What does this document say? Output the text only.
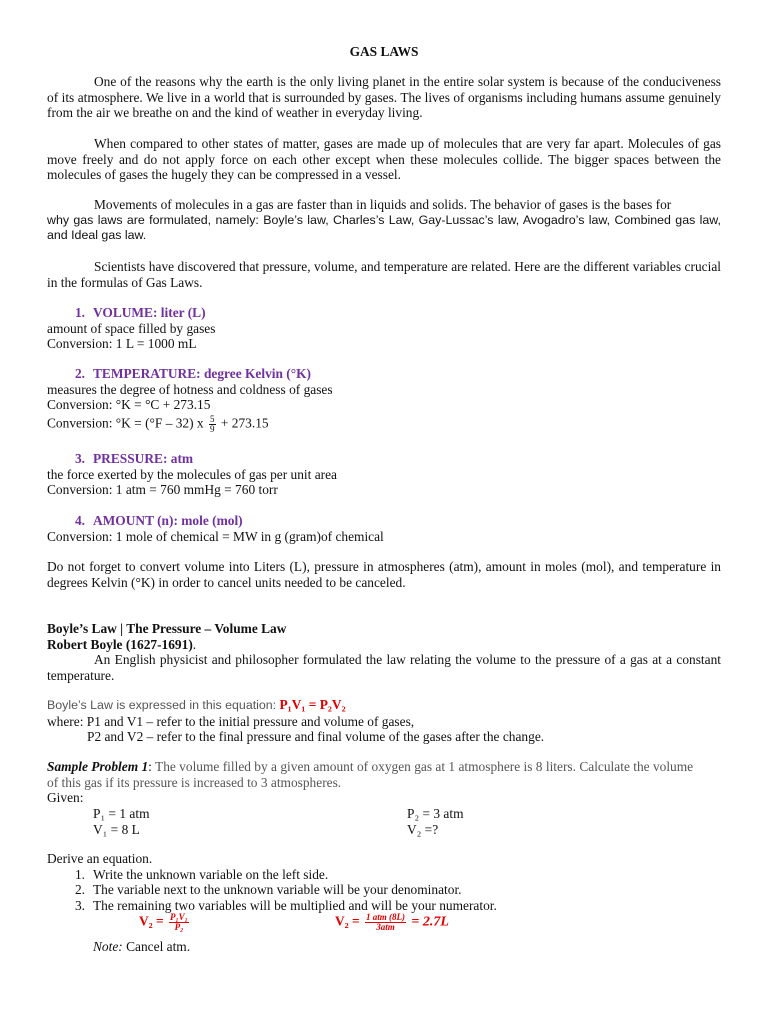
GAS LAWS

One of the reasons why the earth is the only living planet in the entire solar system is because of the conduciveness of its atmosphere. We live in a world that is surrounded by gases. The lives of organisms including humans assume genuinely from the air we breathe on and the kind of weather in everyday living.

When compared to other states of matter, gases are made up of molecules that are very far apart. Molecules of gas move freely and do not apply force on each other except when these molecules collide. The bigger spaces between the molecules of gases the hugely they can be compressed in a vessel.

Movements of molecules in a gas are faster than in liquids and solids. The behavior of gases is the bases for

why gas laws are formulated, namely: Boyle’s law, Charles’s Law, Gay-Lussac’s law, Avogadro’s law, Combined gas law, and Ideal gas law.

Scientists have discovered that pressure, volume, and temperature are related. Here are the different variables crucial in the formulas of Gas Laws.

1. VOLUME: liter (L)
amount of space filled by gases
Conversion: 1 L = 1000 mL
2. TEMPERATURE: degree Kelvin (°K)
measures the degree of hotness and coldness of gases
Conversion: °K = °C + 273.15
Conversion: °K = (°F – 32) x $\frac{5}{9} + 273.15$
3. PRESSURE: atm
the force exerted by the molecules of gas per unit area
Conversion: 1 atm = 760 mmHg = 760 torr
4. AMOUNT (n): mole (mol)
Conversion: 1 mole of chemical = MW in g (gram)of chemical

Do not forget to convert volume into Liters (L), pressure in atmospheres (atm), amount in moles (mol), and temperature in degrees Kelvin (°K) in order to cancel units needed to be canceled.

Boyle’s Law | The Pressure – Volume Law
Robert Boyle (1627-1691).

An English physicist and philosopher formulated the law relating the volume to the pressure of a gas at a constant temperature.

Boyle’s Law is expressed in this equation: P₁V₁ = P₂V₂
where: P1 and V1 – refer to the initial pressure and volume of gases,
P2 and V2 – refer to the final pressure and final volume of the gases after the change.
Sample Problem 1: The volume filled by a given amount of oxygen gas at 1 atmosphere is 8 liters. Calculate the volume
of this gas if its pressure is increased to 3 atmospheres.
Given:
P₁ = 1 atm
V₁ = 8 L
P₂ = 3 atm
V₂ =?
Derive an equation.
1. Write the unknown variable on the left side.
2. The variable next to the unknown variable will be your denominator.
3. The remaining two variables will be multiplied and will be your numerator.
$V_2 = \frac{\text{P₁V₁}}{\text{P₂}}$	$V_2 = \frac{\text{1 atm (8L)}}{\text{3atm}} = 2.7L$
Note: Cancel atm.
